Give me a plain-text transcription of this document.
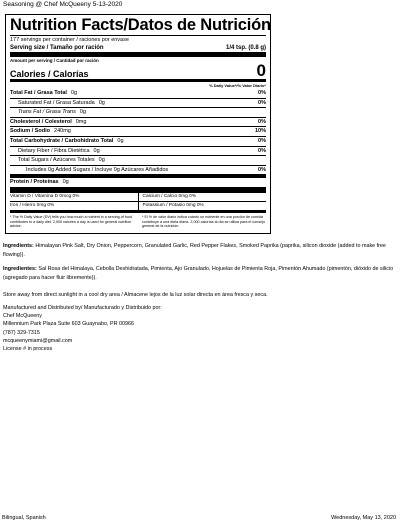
Seasoning @ Chef McQueeny 5-13-2020
Nutrition Facts/Datos de Nutrición
177 servings per container / raciones por envase
Serving size / Tamaño por ración	1/4 tsp. (0.8 g)
Amount per serving / Cantidad por ración
Calories / Calorías	0
% Daily Value*/% Valor Diario*
Total Fat / Grasa Total 0g	0%
Saturated Fat / Grasa Saturada 0g	0%
Trans Fat / Grasa Trans 0g
Cholesterol / Colesterol 0mg	0%
Sodium / Sodio 240mg	10%
Total Carbohydrate / Carbohidrato Total 0g	0%
Dietary Fiber / Fibra Dietética 0g	0%
Total Sugars / Azúcares Totales 0g
Includes 0g Added Sugars / Incluye 0g Azúcares Añadidos	0%
Protein / Proteínas 0g
Vitamin D / Vitamina D 0mcg 0%	Calcium / Calcio 0mg 0%
Iron / Hierro 0mg 0%	Potassium / Potasio 0mg 0%
* The % Daily Value (DV) tells you how much a nutrient in a serving of food contributes to a daily diet. 2,000 calories a day is used for general nutrition advice.
* El % de valor diario indica cuánto un nutriente en una porción de comida contribuye a una dieta diaria. 2,000 calorías al día se utiliza para el consejo general de la nutrición.
Ingredients: Himalayan Pink Salt, Dry Onion, Peppercorn, Granulated Garlic, Red Pepper Flakes, Smoked Paprika (paprika, silicon dioxide (added to make free flowing)).
Ingredientes: Sal Rosa del Himalaya, Cebolla Deshidratada, Pimienta, Ajo Granulado, Hojuelas de Pimienta Roja, Pimentón Ahumado (pimentón, dióxido de silicio (agregado para hacer fluir libremente)).
Store away from direct sunlight in a cool dry area / Almacene lejos de la luz solar directa en área fresca y seca.
Manufactured and Distributed by/ Manufacturado y Distribuido por:
Chef McQueeny
Millennium Park Plaza Suite 603 Guaynabo, PR 00966
(787) 329-7315
mcqueenymiami@gmail.com
License # in process
Bilingual, Spanish	Wednesday, May 13, 2020
